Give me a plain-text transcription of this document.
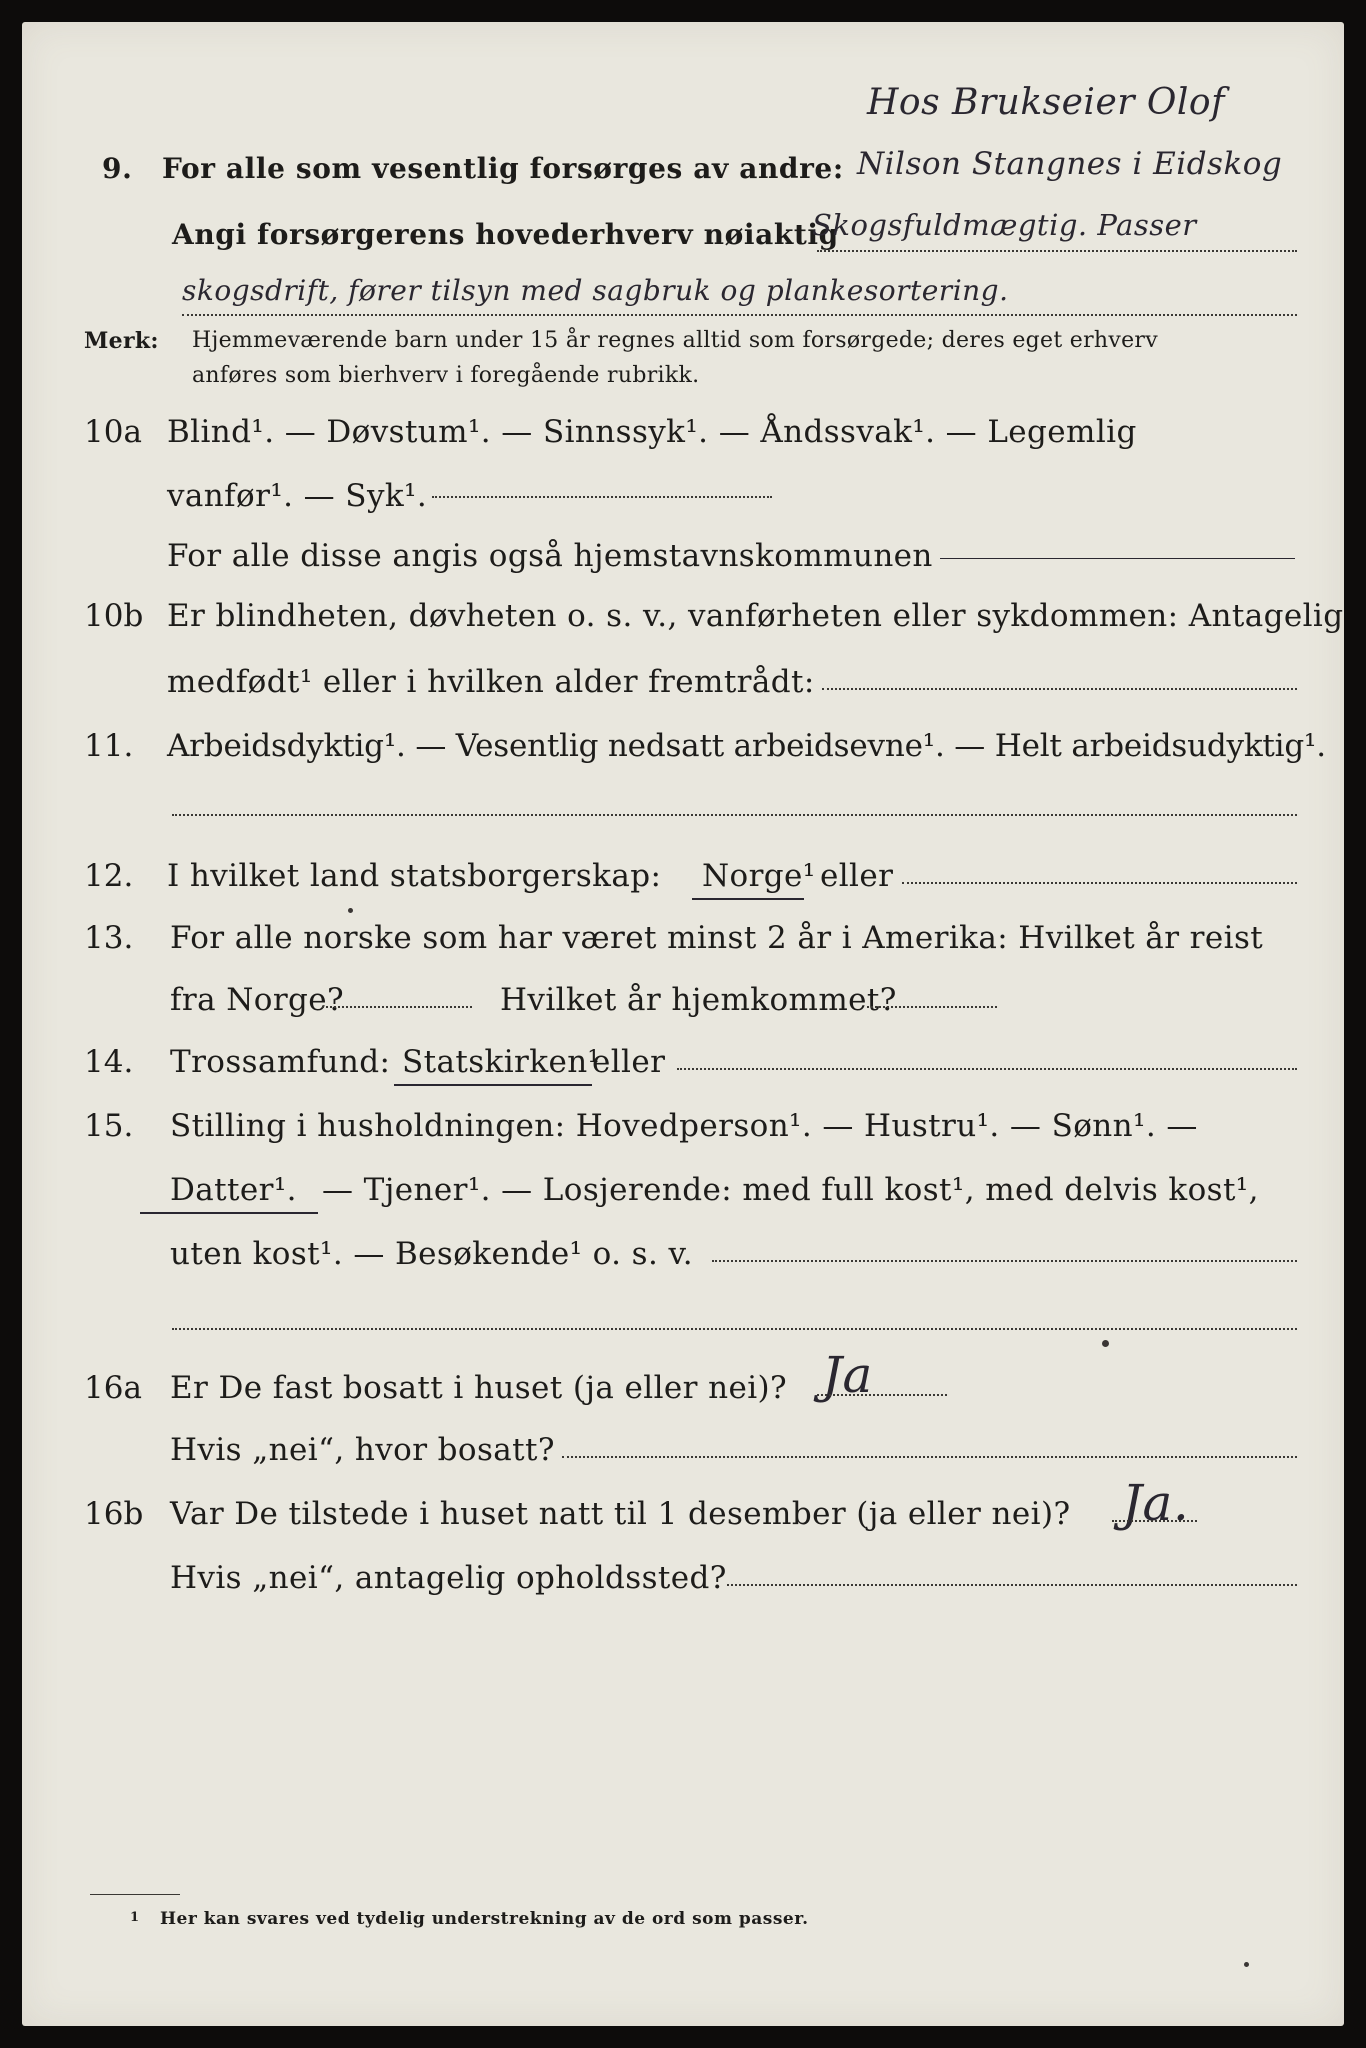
Hos Brukseier Olof
9. For alle som vesentlig forsørges av andre: Nilson Stangnes i Eidskog
Angi forsørgerens hovederhverv nøiaktig
Skogsfuldmægtig. Passer
skogsdrift, fører tilsyn med sagbruk og plankesortering.
Merk: Hjemmeværende barn under 15 år regnes alltid som forsørgede; deres eget erhverv
anføres som bierhverv i foregående rubrikk.
10a Blind¹. — Døvstum¹. — Sinnssyk¹. — Åndssvak¹. — Legemlig
vanfør¹. — Syk¹.
For alle disse angis også hjemstavnskommunen
10b Er blindheten, døvheten o. s. v., vanførheten eller sykdommen: Antagelig
medfødt¹ eller i hvilken alder fremtrådt:
11. Arbeidsdyktig¹. — Vesentlig nedsatt arbeidsevne¹. — Helt arbeidsudyktig¹.
12. I hvilket land statsborgerskap: Norge¹ eller
13. For alle norske som har været minst 2 år i Amerika: Hvilket år reist
fra Norge?	Hvilket år hjemkommet?
14. Trossamfund: Statskirken¹
eller
15. Stilling i husholdningen: Hovedperson¹. — Hustru¹. — Sønn¹. —
Datter¹. — Tjener¹. — Losjerende: med full kost¹, med delvis kost¹,
uten kost¹. — Besøkende¹ o. s. v.
16a Er De fast bosatt i huset (ja eller nei)? Ja
Hvis „nei“, hvor bosatt?
16b Var De tilstede i huset natt til 1 desember (ja eller nei)? Ja.
Hvis „nei“, antagelig opholdssted?
1 Her kan svares ved tydelig understrekning av de ord som passer.
